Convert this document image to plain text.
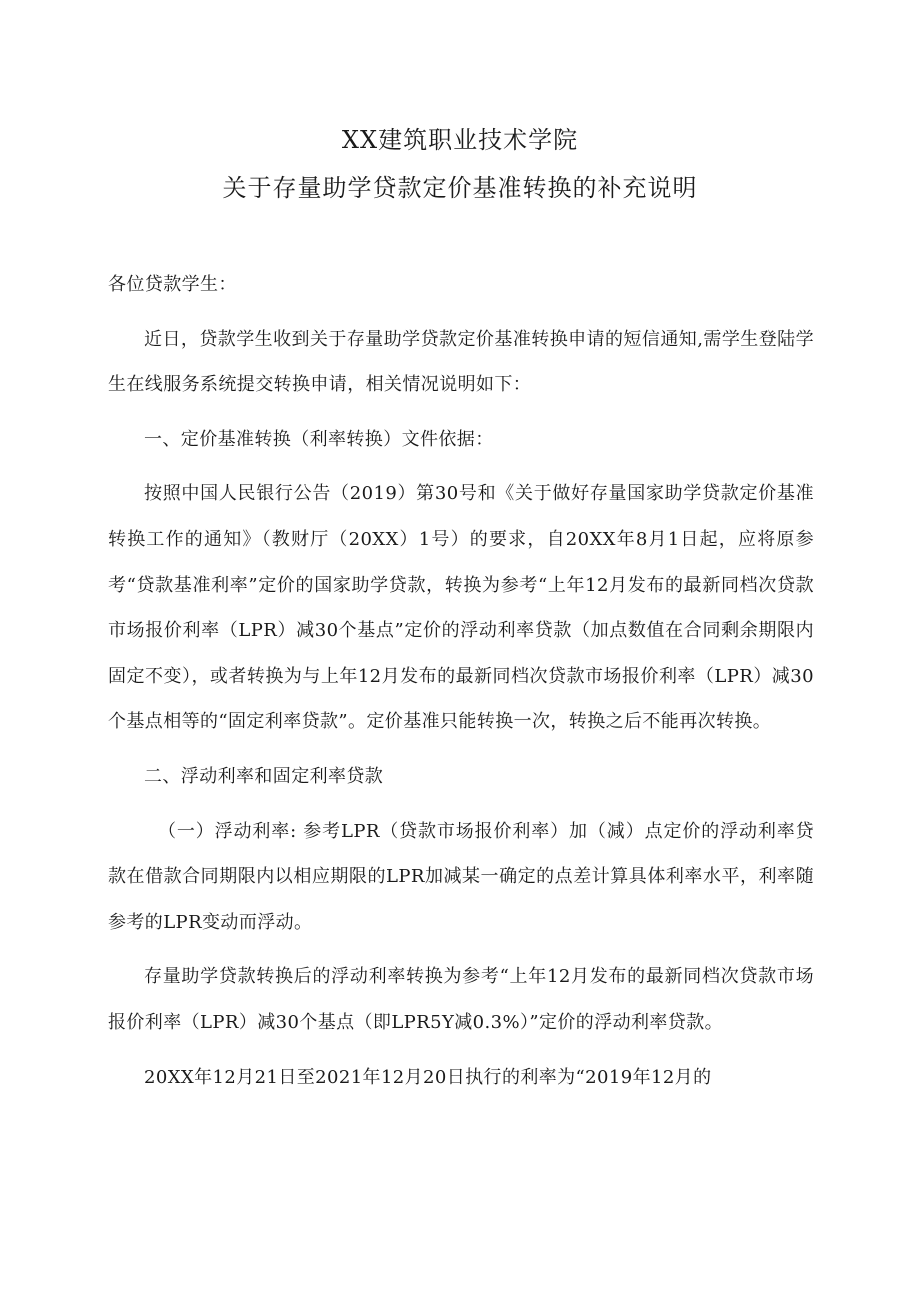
XX建筑职业技术学院
关于存量助学贷款定价基准转换的补充说明

各位贷款学生：

近日，贷款学生收到关于存量助学贷款定价基准转换申请的短信通知,需学生登陆学生在线服务系统提交转换申请，相关情况说明如下：

一、定价基准转换（利率转换）文件依据：

按照中国人民银行公告（2019）第30号和《关于做好存量国家助学贷款定价基准转换工作的通知》（教财厅（20XX）1号）的要求，自20XX年8月1日起，应将原参考“贷款基准利率”定价的国家助学贷款，转换为参考“上年12月发布的最新同档次贷款市场报价利率（LPR）减30个基点”定价的浮动利率贷款（加点数值在合同剩余期限内固定不变），或者转换为与上年12月发布的最新同档次贷款市场报价利率（LPR）减30个基点相等的“固定利率贷款”。定价基准只能转换一次，转换之后不能再次转换。

二、浮动利率和固定利率贷款

（一）浮动利率: 参考LPR（贷款市场报价利率）加（减）点定价的浮动利率贷款在借款合同期限内以相应期限的LPR加减某一确定的点差计算具体利率水平，利率随参考的LPR变动而浮动。

存量助学贷款转换后的浮动利率转换为参考“上年12月发布的最新同档次贷款市场报价利率（LPR）减30个基点（即LPR5Y减0.3%）”定价的浮动利率贷款。

20XX年12月21日至2021年12月20日执行的利率为“2019年12月的
